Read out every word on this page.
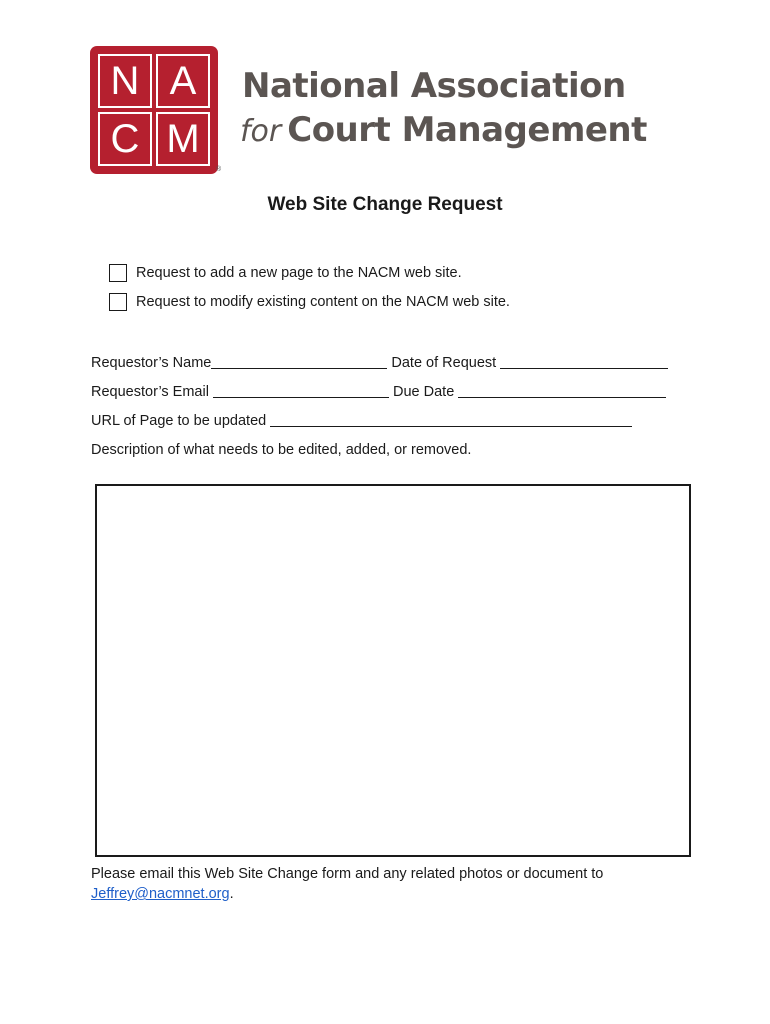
N A
C M
®
National Association
for Court Management
Web Site Change Request
Request to add a new page to the NACM web site.
Request to modify existing content on the NACM web site.
Requestor’s Name	Date of Request
Requestor’s Email	Due Date
URL of Page to be updated
Description of what needs to be edited, added, or removed.
Please email this Web Site Change form and any related photos or document to
Jeffrey@nacmnet.org.
